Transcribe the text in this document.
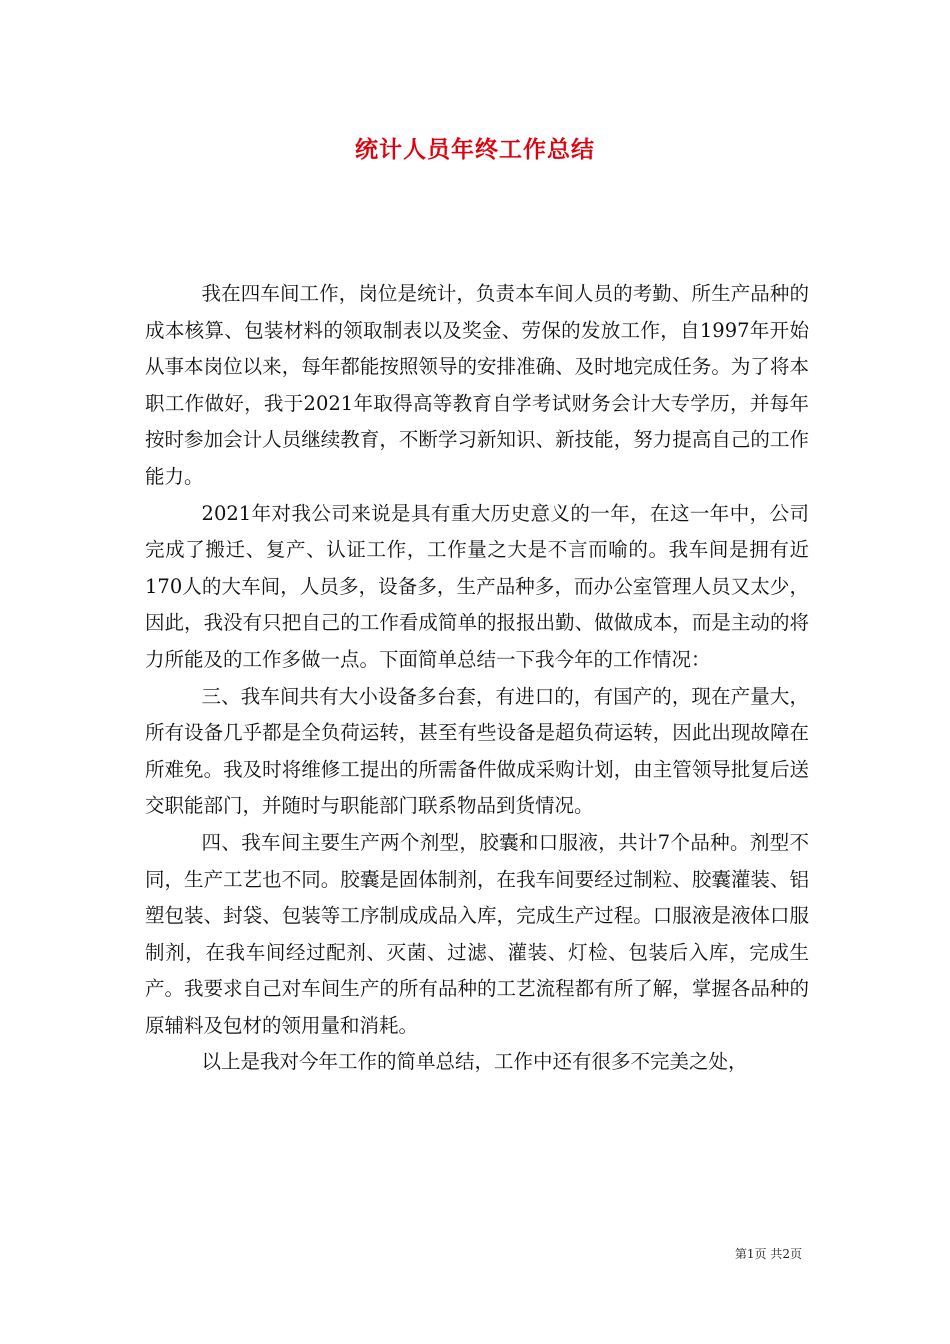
统计人员年终工作总结

我在四车间工作，岗位是统计，负责本车间人员的考勤、所生产品种的成本核算、包装材料的领取制表以及奖金、劳保的发放工作，自1997年开始从事本岗位以来，每年都能按照领导的安排准确、及时地完成任务。为了将本职工作做好，我于2021年取得高等教育自学考试财务会计大专学历，并每年按时参加会计人员继续教育，不断学习新知识、新技能，努力提高自己的工作能力。

2021年对我公司来说是具有重大历史意义的一年，在这一年中，公司完成了搬迁、复产、认证工作，工作量之大是不言而喻的。我车间是拥有近170人的大车间，人员多，设备多，生产品种多，而办公室管理人员又太少，因此，我没有只把自己的工作看成简单的报报出勤、做做成本，而是主动的将力所能及的工作多做一点。下面简单总结一下我今年的工作情况：

三、我车间共有大小设备多台套，有进口的，有国产的，现在产量大，所有设备几乎都是全负荷运转，甚至有些设备是超负荷运转，因此出现故障在所难免。我及时将维修工提出的所需备件做成采购计划，由主管领导批复后送交职能部门，并随时与职能部门联系物品到货情况。

四、我车间主要生产两个剂型，胶囊和口服液，共计7个品种。剂型不同，生产工艺也不同。胶囊是固体制剂，在我车间要经过制粒、胶囊灌装、铝塑包装、封袋、包装等工序制成成品入库，完成生产过程。口服液是液体口服制剂，在我车间经过配剂、灭菌、过滤、灌装、灯检、包装后入库，完成生产。我要求自己对车间生产的所有品种的工艺流程都有所了解，掌握各品种的原辅料及包材的领用量和消耗。

以上是我对今年工作的简单总结，工作中还有很多不完美之处，

第1页 共2页
